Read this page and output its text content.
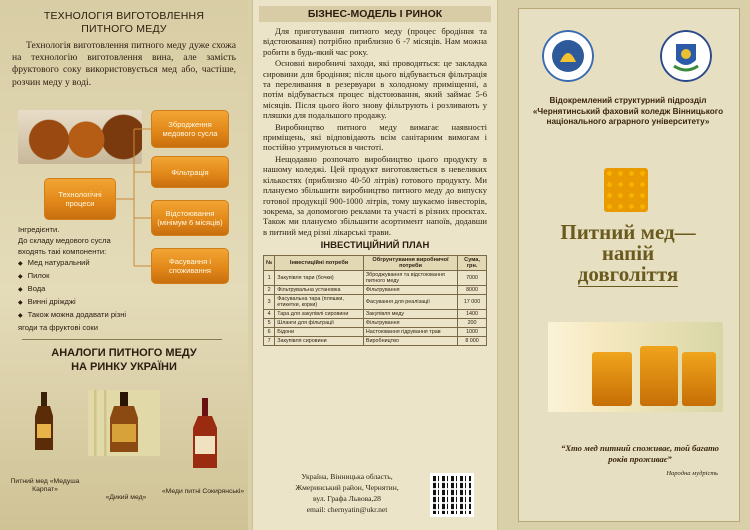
ТЕХНОЛОГІЯ ВИГОТОВЛЕННЯ
ПИТНОГО МЕДУ

Технологія виготовлення питного меду дуже схожа на технологію виготовлення вина, але замість фруктового соку використовується мед або, частіше, розчин меду у воді.

Технологічні процеси
Збродження медового сусла
Фільтрація
Відстоювання (мінімум 6 місяців)
Фасування і споживання
Інгредієнти.
До складу медового сусла входять такі компоненти:
◆ Мед натуральний
◆ Пилок
◆ Вода
◆ Винні дріжджі
◆ Також можна додавати різні ягоди та фруктові соки
АНАЛОГИ ПИТНОГО МЕДУ
НА РИНКУ УКРАЇНИ
Питний мед «Медуша Карпат»
«Дикий мед»
«Меди питні Сокирянські»
БІЗНЕС-МОДЕЛЬ І РИНОК

Для приготування питного меду (процес бродіння та відстоювання) потрібно приблизно 6 -7 місяців. Нам можна робити в будь-який час року.

Основні виробничі заходи, які проводяться: це закладка сировини для бродіння; після цього відбувається фільтрація та переливання в резервуари в холодному приміщенні, а потім відбувається процес відстоювання, який займає 5-6 місяців. Після цього його знову фільтрують і розливають у пляшки для подальшого продажу.

Виробництво питного меду вимагає наявності приміщень, які відповідають всім санітарним вимогам і постійно утримуються в чистоті.

Нещодавно розпочато виробництво цього продукту в нашому коледжі. Цей продукт виготовляється в невеликих кількостях (приблизно 40-50 літрів) готового продукту. Ми плануємо збільшити виробництво питного меду до випуску готової продукції 900-1000 літрів, тому шукаємо інвесторів, зокрема, за допомогою реклами та участі в різних проєктах. Також ми плануємо збільшити асортимент напоїв, додавши в питний мед різні лікарські трави.

ІНВЕСТИЦІЙНИЙ ПЛАН
№	Інвестиційні потреби	Обгрунтування виробничої потреби	Сума, грн.
1	Закупівля тари (бочки)	Зброджування та відстоювання питного меду	7000
2	Фільтрувальна установка	Фільтрування	8000
3	Фасувальна тара (пляшки, етикетки, корки)	Фасування для реалізації	17 000
4	Тара для закупівлі сировини	Закупівля меду	1400
5	Шланги для фільтрації	Фільтрування	200
6	Бідони	Настоювання гідрування трав	1000
7	Закупівля сировини	Виробництво	8 000
Україна, Вінницька область,
Жмеринський район, Чернятин,
вул. Графа Львова,28
email: chernyatin@ukr.net
Відокремлений структурний підрозділ «Чернятинський фаховий коледж Вінницького національного аграрного університету»
Питний мед—
напій
довголіття
“Хто мед питний споживає, той багато років проживає”
Народна мудрість
